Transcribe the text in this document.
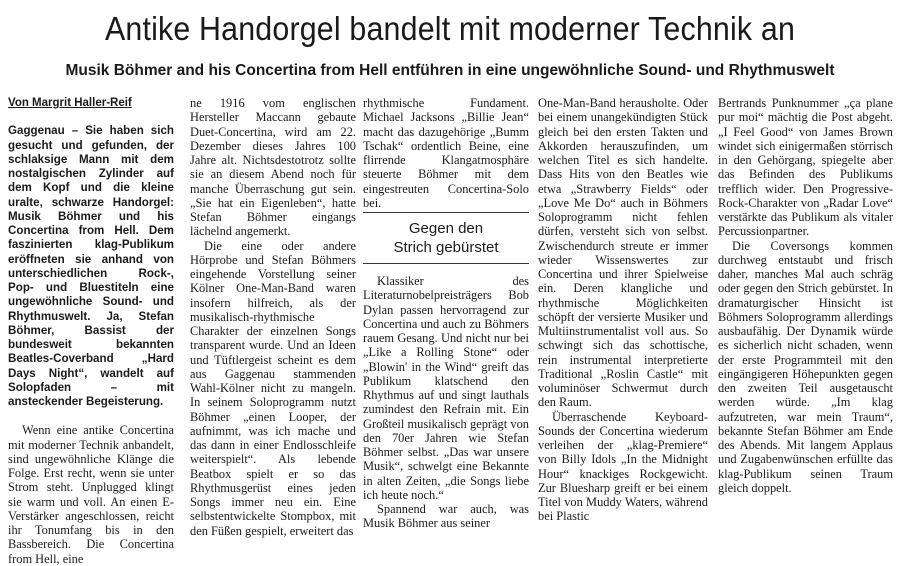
Antike Handorgel bandelt mit moderner Technik an

Musik Böhmer and his Concertina from Hell entführen in eine ungewöhnliche Sound- und Rhythmuswelt

Von Margrit Haller-Reif

Gaggenau – Sie haben sich gesucht und gefunden, der schlaksige Mann mit dem nostalgischen Zylinder auf dem Kopf und die kleine uralte, schwarze Handorgel: Musik Böhmer und his Concertina from Hell. Dem faszinierten klag-Publikum eröffneten sie anhand von unterschiedlichen Rock-, Pop- und Bluestiteln eine ungewöhnliche Sound- und Rhythmuswelt. Ja, Stefan Böhmer, Bassist der bundesweit bekannten Beatles-Coverband „Hard Days Night“, wandelt auf Solopfaden – mit ansteckender Begeisterung.

Wenn eine antike Concertina mit moderner Technik anbandelt, sind ungewöhnliche Klänge die Folge. Erst recht, wenn sie unter Strom steht. Unplugged klingt sie warm und voll. An einen E-Verstärker angeschlossen, reicht ihr Tonumfang bis in den Bassbereich. Die Concertina from Hell, eine

ne 1916 vom englischen Hersteller Maccann gebaute Duet-Concertina, wird am 22. Dezember dieses Jahres 100 Jahre alt. Nichtsdestotrotz sollte sie an diesem Abend noch für manche Überraschung gut sein. „Sie hat ein Eigenleben“, hatte Stefan Böhmer eingangs lächelnd angemerkt.

Die eine oder andere Hörprobe und Stefan Böhmers eingehende Vorstellung seiner Kölner One-Man-Band waren insofern hilfreich, als der musikalisch-rhythmische Charakter der einzelnen Songs transparent wurde. Und an Ideen und Tüftlergeist scheint es dem aus Gaggenau stammenden Wahl-Kölner nicht zu mangeln. In seinem Soloprogramm nutzt Böhmer „einen Looper, der aufnimmt, was ich mache und das dann in einer Endlosschleife weiterspielt“. Als lebende Beatbox spielt er so das Rhythmusgerüst eines jeden Songs immer neu ein. Eine selbstentwickelte Stompbox, mit den Füßen gespielt, erweitert das

rhythmische Fundament. Michael Jacksons „Billie Jean“ macht das dazugehörige „Bumm Tschak“ ordentlich Beine, eine flirrende Klangatmosphäre steuerte Böhmer mit dem eingestreuten Concertina-Solo bei.

Gegen den
Strich gebürstet

Klassiker des Literaturnobelpreisträgers Bob Dylan passen hervorragend zur Concertina und auch zu Böhmers rauem Gesang. Und nicht nur bei „Like a Rolling Stone“ oder „Blowin' in the Wind“ greift das Publikum klatschend den Rhythmus auf und singt lauthals zumindest den Refrain mit. Ein Großteil musikalisch geprägt von den 70er Jahren wie Stefan Böhmer selbst. „Das war unsere Musik“, schwelgt eine Bekannte in alten Zeiten, „die Songs liebe ich heute noch.“

Spannend war auch, was Musik Böhmer aus seiner

One-Man-Band herausholte. Oder bei einem unangekündigten Stück gleich bei den ersten Takten und Akkorden herauszufinden, um welchen Titel es sich handelte. Dass Hits von den Beatles wie etwa „Strawberry Fields“ oder „Love Me Do“ auch in Böhmers Soloprogramm nicht fehlen dürfen, versteht sich von selbst. Zwischendurch streute er immer wieder Wissenswertes zur Concertina und ihrer Spielweise ein. Deren klangliche und rhythmische Möglichkeiten schöpft der versierte Musiker und Multiinstrumentalist voll aus. So schwingt sich das schottische, rein instrumental interpretierte Traditional „Roslin Castle“ mit voluminöser Schwermut durch den Raum.

Überraschende Keyboard-Sounds der Concertina wiederum verleihen der „klag-Premiere“ von Billy Idols „In the Midnight Hour“ knackiges Rockgewicht. Zur Bluesharp greift er bei einem Titel von Muddy Waters, während bei Plastic

Bertrands Punknummer „ça plane pur moi“ mächtig die Post abgeht. „I Feel Good“ von James Brown windet sich einigermaßen störrisch in den Gehörgang, spiegelte aber das Befinden des Publikums trefflich wider. Den Progressive-Rock-Charakter von „Radar Love“ verstärkte das Publikum als vitaler Percussionpartner.

Die Coversongs kommen durchweg entstaubt und frisch daher, manches Mal auch schräg oder gegen den Strich gebürstet. In dramaturgischer Hinsicht ist Böhmers Soloprogramm allerdings ausbaufähig. Der Dynamik würde es sicherlich nicht schaden, wenn der erste Programmteil mit den eingängigeren Höhepunkten gegen den zweiten Teil ausgetauscht werden würde. „Im klag aufzutreten, war mein Traum“, bekannte Stefan Böhmer am Ende des Abends. Mit langem Applaus und Zugabenwünschen erfüllte das klag-Publikum seinen Traum gleich doppelt.
